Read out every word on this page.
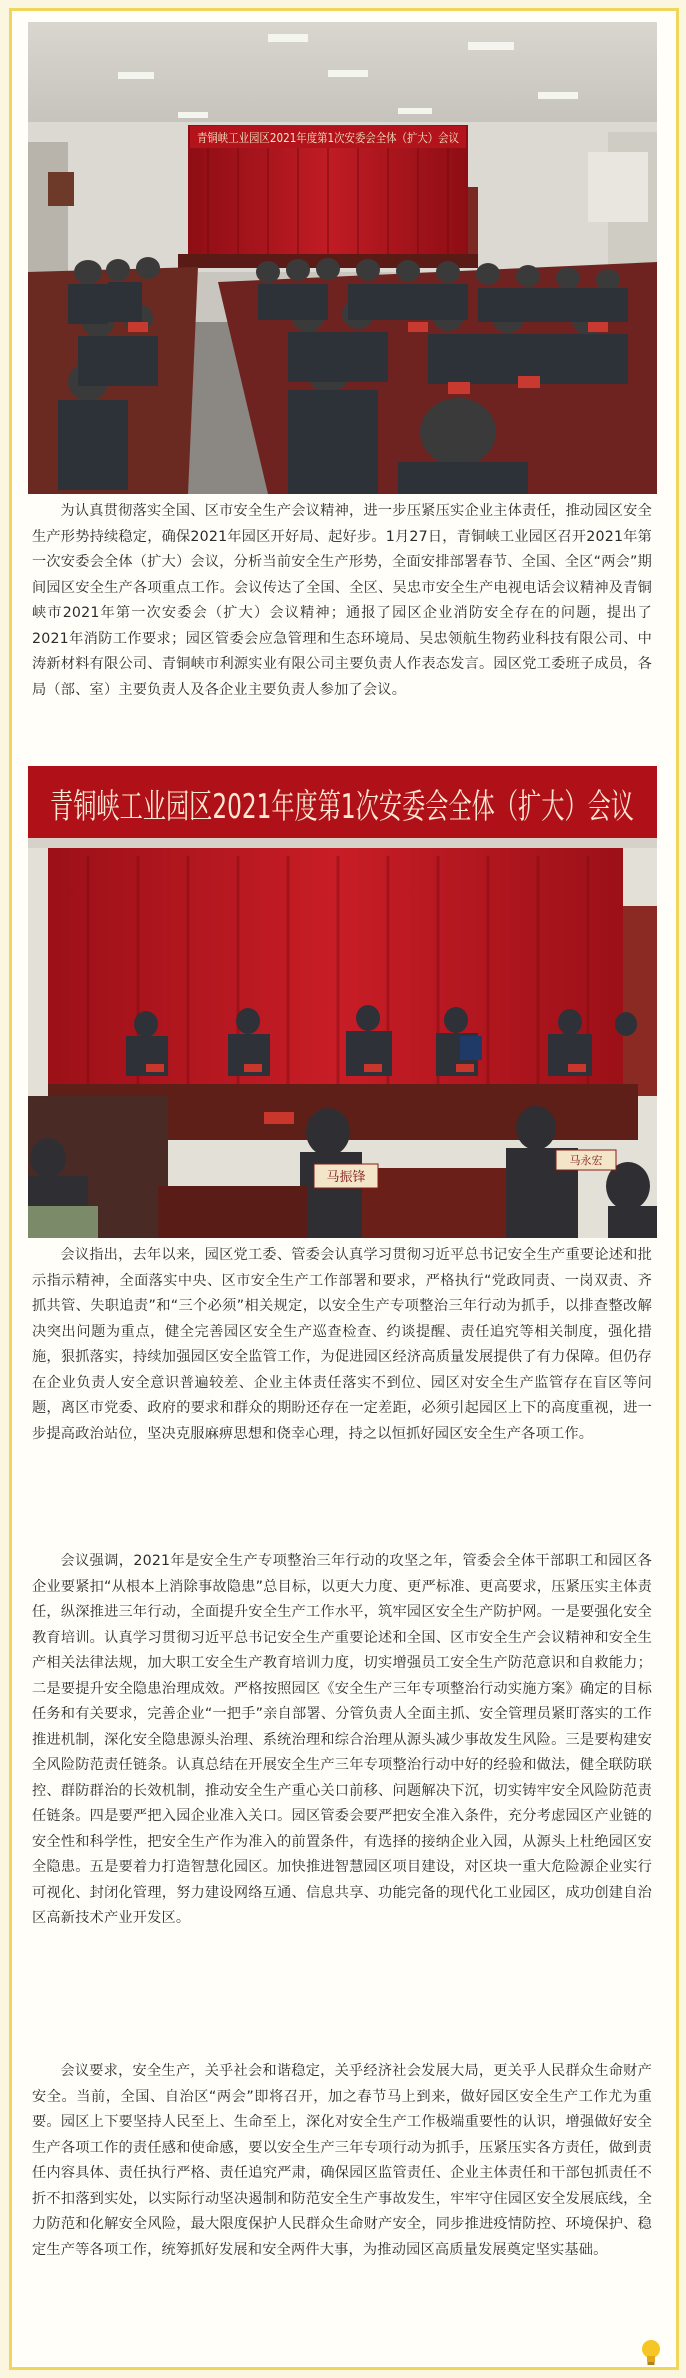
青铜峡工业园区2021年度第1次安委会全体（扩大）会议

为认真贯彻落实全国、区市安全生产会议精神，进一步压紧压实企业主体责任，推动园区安全生产形势持续稳定，确保2021年园区开好局、起好步。1月27日，青铜峡工业园区召开2021年第一次安委会全体（扩大）会议，分析当前安全生产形势，全面安排部署春节、全国、全区“两会”期间园区安全生产各项重点工作。会议传达了全国、全区、吴忠市安全生产电视电话会议精神及青铜峡市2021年第一次安委会（扩大）会议精神；通报了园区企业消防安全存在的问题，提出了2021年消防工作要求；园区管委会应急管理和生态环境局、吴忠领航生物药业科技有限公司、中涛新材料有限公司、青铜峡市利源实业有限公司主要负责人作表态发言。园区党工委班子成员，各局（部、室）主要负责人及各企业主要负责人参加了会议。

青铜峡工业园区2021年度第1次安委会全体（扩大）会议
马振锋
马永宏

会议指出，去年以来，园区党工委、管委会认真学习贯彻习近平总书记安全生产重要论述和批示指示精神，全面落实中央、区市安全生产工作部署和要求，严格执行“党政同责、一岗双责、齐抓共管、失职追责”和“三个必须”相关规定，以安全生产专项整治三年行动为抓手，以排查整改解决突出问题为重点，健全完善园区安全生产巡查检查、约谈提醒、责任追究等相关制度，强化措施，狠抓落实，持续加强园区安全监管工作，为促进园区经济高质量发展提供了有力保障。但仍存在企业负责人安全意识普遍较差、企业主体责任落实不到位、园区对安全生产监管存在盲区等问题，离区市党委、政府的要求和群众的期盼还存在一定差距，必须引起园区上下的高度重视，进一步提高政治站位，坚决克服麻痹思想和侥幸心理，持之以恒抓好园区安全生产各项工作。

会议强调，2021年是安全生产专项整治三年行动的攻坚之年，管委会全体干部职工和园区各企业要紧扣“从根本上消除事故隐患”总目标，以更大力度、更严标准、更高要求，压紧压实主体责任，纵深推进三年行动，全面提升安全生产工作水平，筑牢园区安全生产防护网。一是要强化安全教育培训。认真学习贯彻习近平总书记安全生产重要论述和全国、区市安全生产会议精神和安全生产相关法律法规，加大职工安全生产教育培训力度，切实增强员工安全生产防范意识和自救能力；二是要提升安全隐患治理成效。严格按照园区《安全生产三年专项整治行动实施方案》确定的目标任务和有关要求，完善企业“一把手”亲自部署、分管负责人全面主抓、安全管理员紧盯落实的工作推进机制，深化安全隐患源头治理、系统治理和综合治理从源头减少事故发生风险。三是要构建安全风险防范责任链条。认真总结在开展安全生产三年专项整治行动中好的经验和做法，健全联防联控、群防群治的长效机制，推动安全生产重心关口前移、问题解决下沉，切实铸牢安全风险防范责任链条。四是要严把入园企业准入关口。园区管委会要严把安全准入条件，充分考虑园区产业链的安全性和科学性，把安全生产作为准入的前置条件，有选择的接纳企业入园，从源头上杜绝园区安全隐患。五是要着力打造智慧化园区。加快推进智慧园区项目建设，对区块一重大危险源企业实行可视化、封闭化管理，努力建设网络互通、信息共享、功能完备的现代化工业园区，成功创建自治区高新技术产业开发区。

会议要求，安全生产，关乎社会和谐稳定，关乎经济社会发展大局，更关乎人民群众生命财产安全。当前，全国、自治区“两会”即将召开，加之春节马上到来，做好园区安全生产工作尤为重要。园区上下要坚持人民至上、生命至上，深化对安全生产工作极端重要性的认识，增强做好安全生产各项工作的责任感和使命感，要以安全生产三年专项行动为抓手，压紧压实各方责任，做到责任内容具体、责任执行严格、责任追究严肃，确保园区监管责任、企业主体责任和干部包抓责任不折不扣落到实处，以实际行动坚决遏制和防范安全生产事故发生，牢牢守住园区安全发展底线，全力防范和化解安全风险，最大限度保护人民群众生命财产安全，同步推进疫情防控、环境保护、稳定生产等各项工作，统筹抓好发展和安全两件大事，为推动园区高质量发展奠定坚实基础。
